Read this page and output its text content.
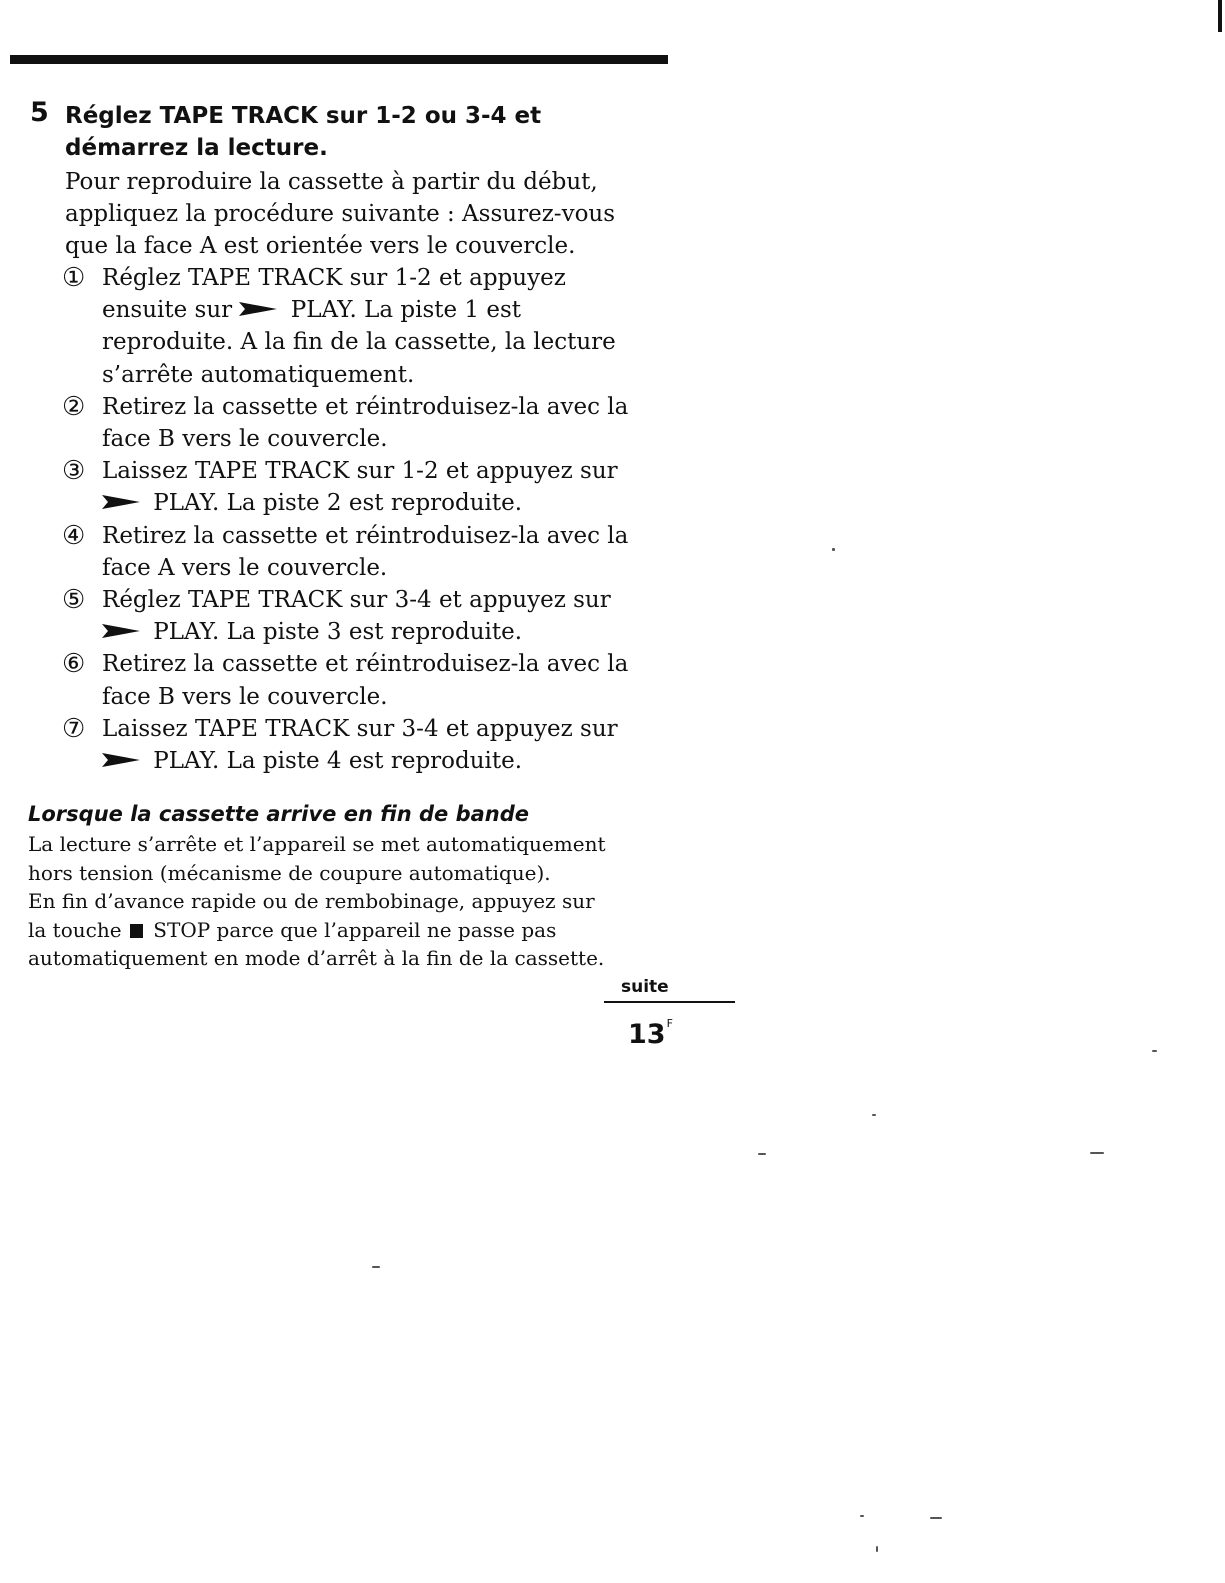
5 Réglez TAPE TRACK sur 1-2 ou 3-4 et
démarrez la lecture.
Pour reproduire la cassette à partir du début,
appliquez la procédure suivante : Assurez-vous
que la face A est orientée vers le couvercle.
① Réglez TAPE TRACK sur 1-2 et appuyez
ensuite sur  PLAY. La piste 1 est
reproduite. A la fin de la cassette, la lecture
s’arrête automatiquement.
② Retirez la cassette et réintroduisez-la avec la
face B vers le couvercle.
③ Laissez TAPE TRACK sur 1-2 et appuyez sur
PLAY. La piste 2 est reproduite.
④ Retirez la cassette et réintroduisez-la avec la
face A vers le couvercle.
⑤ Réglez TAPE TRACK sur 3-4 et appuyez sur
PLAY. La piste 3 est reproduite.
⑥ Retirez la cassette et réintroduisez-la avec la
face B vers le couvercle.
⑦ Laissez TAPE TRACK sur 3-4 et appuyez sur
PLAY. La piste 4 est reproduite.
Lorsque la cassette arrive en fin de bande
La lecture s’arrête et l’appareil se met automatiquement
hors tension (mécanisme de coupure automatique).
En fin d’avance rapide ou de rembobinage, appuyez sur
la touche  STOP parce que l’appareil ne passe pas
automatiquement en mode d’arrêt à la fin de la cassette.
suite
$13^F$
